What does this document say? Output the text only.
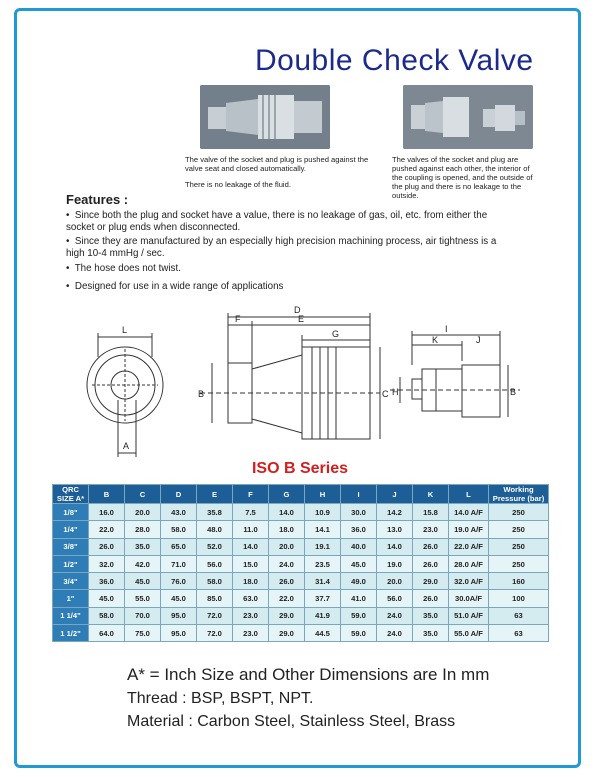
Double Check Valve
The valve of the socket and plug is pushed against the valve seat and closed automatically.
There is no leakage of the fluid.
The valves of the socket and plug are pushed against each other, the interior of the coupling is opened, and the outside of the plug and there is no leakage to the outside.
Features :
•  Since both the plug and socket have a value, there is no leakage of gas, oil, etc. from either the socket or plug ends when disconnected.
•  Since they are manufactured by an especially high precision machining process, air tightness is a high 10-4 mmHg / sec.
•  The hose does not twist.
•  Designed for use in a wide range of applications
L
A
D
F	E
G
B	C
I
K	J
H	B
ISO B Series
QRC SIZE A*	B	C	D	E	F	G	H	I	J	K	L	Working Pressure (bar)
1/8"	16.0	20.0	43.0	35.8	7.5	14.0	10.9	30.0	14.2	15.8	14.0 A/F	250
1/4"	22.0	28.0	58.0	48.0	11.0	18.0	14.1	36.0	13.0	23.0	19.0 A/F	250
3/8"	26.0	35.0	65.0	52.0	14.0	20.0	19.1	40.0	14.0	26.0	22.0 A/F	250
1/2"	32.0	42.0	71.0	56.0	15.0	24.0	23.5	45.0	19.0	26.0	28.0 A/F	250
3/4"	36.0	45.0	76.0	58.0	18.0	26.0	31.4	49.0	20.0	29.0	32.0 A/F	160
1"	45.0	55.0	45.0	85.0	63.0	22.0	37.7	41.0	56.0	26.0	30.0A/F	100
1 1/4"	58.0	70.0	95.0	72.0	23.0	29.0	41.9	59.0	24.0	35.0	51.0 A/F	63
1 1/2"	64.0	75.0	95.0	72.0	23.0	29.0	44.5	59.0	24.0	35.0	55.0 A/F	63
A* = Inch Size and Other Dimensions are In mm
Thread : BSP, BSPT, NPT.
Material : Carbon Steel, Stainless Steel, Brass
